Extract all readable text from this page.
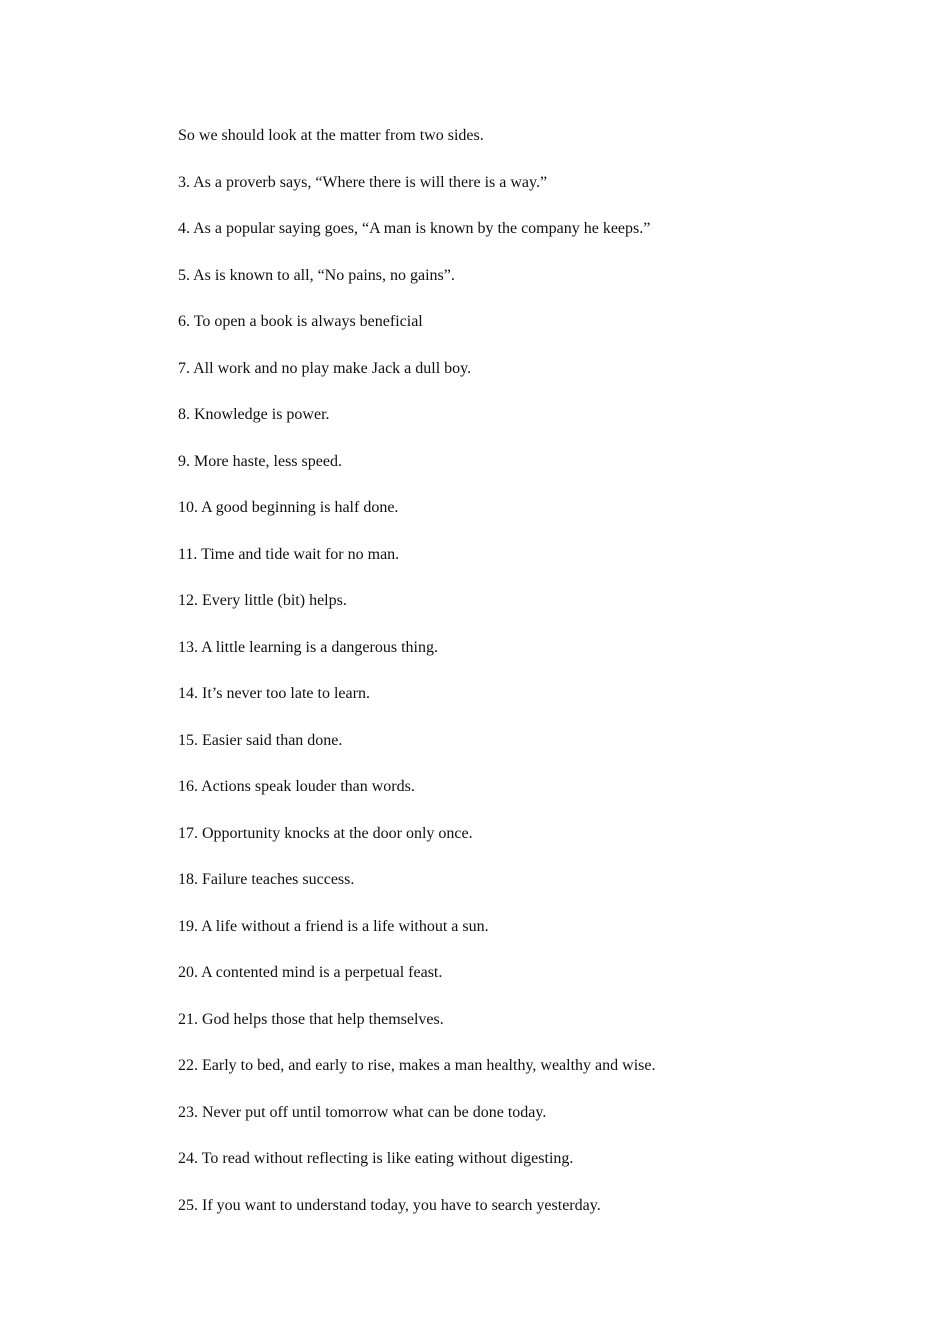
So we should look at the matter from two sides.

3. As a proverb says, “Where there is will there is a way.”

4. As a popular saying goes, “A man is known by the company he keeps.”

5. As is known to all, “No pains, no gains”.

6. To open a book is always beneficial

7. All work and no play make Jack a dull boy.

8. Knowledge is power.

9. More haste, less speed.

10. A good beginning is half done.

11. Time and tide wait for no man.

12. Every little (bit) helps.

13. A little learning is a dangerous thing.

14. It’s never too late to learn.

15. Easier said than done.

16. Actions speak louder than words.

17. Opportunity knocks at the door only once.

18. Failure teaches success.

19. A life without a friend is a life without a sun.

20. A contented mind is a perpetual feast.

21. God helps those that help themselves.

22. Early to bed, and early to rise, makes a man healthy, wealthy and wise.

23. Never put off until tomorrow what can be done today.

24. To read without reflecting is like eating without digesting.

25. If you want to understand today, you have to search yesterday.
